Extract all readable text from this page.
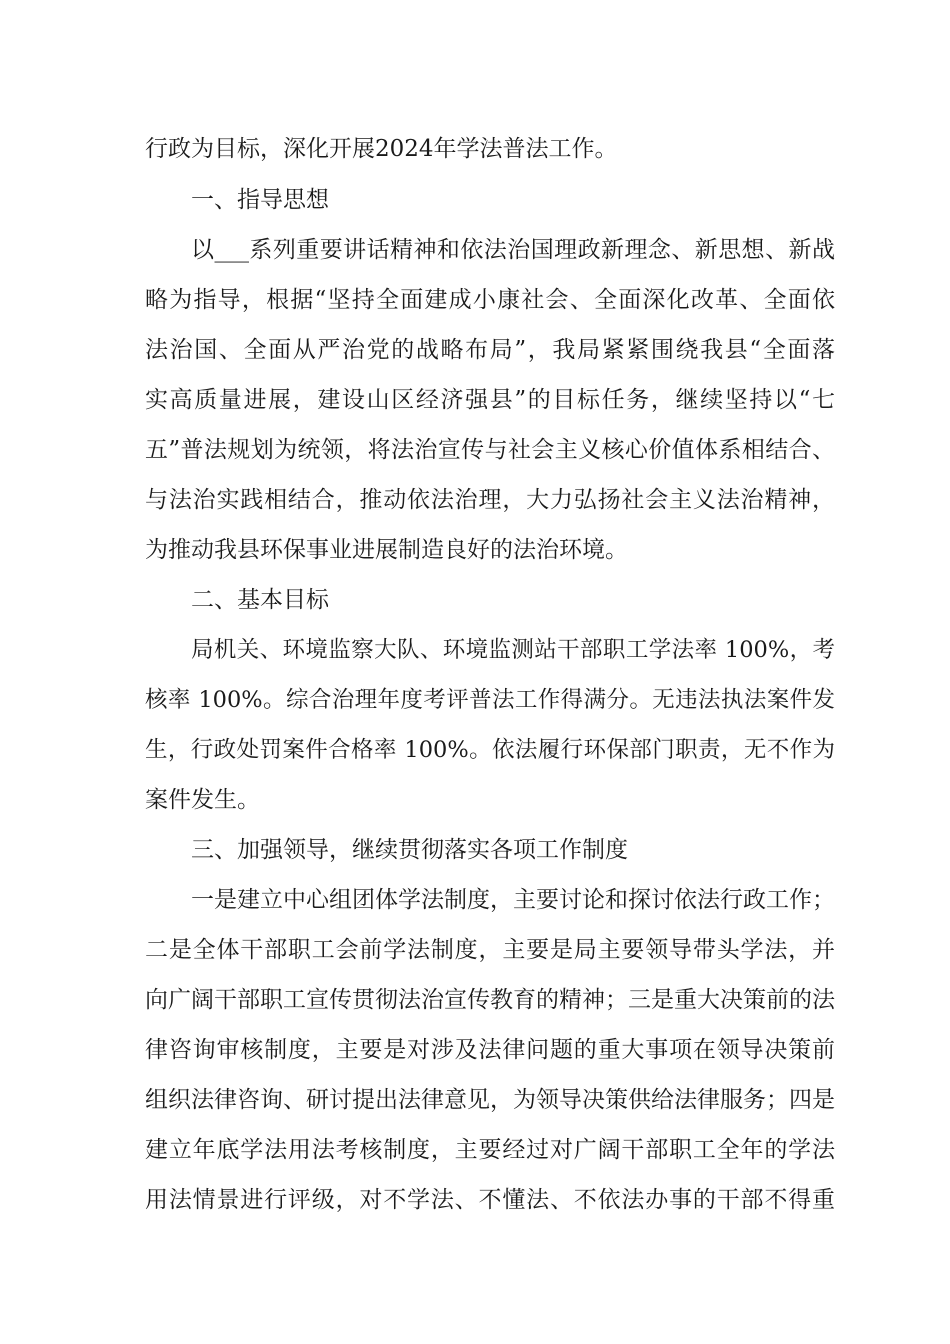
行政为目标，深化开展2024年学法普法工作。
一、指导思想
以___系列重要讲话精神和依法治国理政新理念、新思想、新战
略为指导，根据“坚持全面建成小康社会、全面深化改革、全面依
法治国、全面从严治党的战略布局”，我局紧紧围绕我县“全面落
实高质量进展，建设山区经济强县”的目标任务，继续坚持以“七
五”普法规划为统领，将法治宣传与社会主义核心价值体系相结合、
与法治实践相结合，推动依法治理，大力弘扬社会主义法治精神，
为推动我县环保事业进展制造良好的法治环境。
二、基本目标
局机关、环境监察大队、环境监测站干部职工学法率 100%，考
核率 100%。综合治理年度考评普法工作得满分。无违法执法案件发
生，行政处罚案件合格率 100%。依法履行环保部门职责，无不作为
案件发生。
三、加强领导，继续贯彻落实各项工作制度
一是建立中心组团体学法制度，主要讨论和探讨依法行政工作；
二是全体干部职工会前学法制度，主要是局主要领导带头学法，并
向广阔干部职工宣传贯彻法治宣传教育的精神；三是重大决策前的法
律咨询审核制度，主要是对涉及法律问题的重大事项在领导决策前
组织法律咨询、研讨提出法律意见，为领导决策供给法律服务；四是
建立年底学法用法考核制度，主要经过对广阔干部职工全年的学法
用法情景进行评级，对不学法、不懂法、不依法办事的干部不得重
